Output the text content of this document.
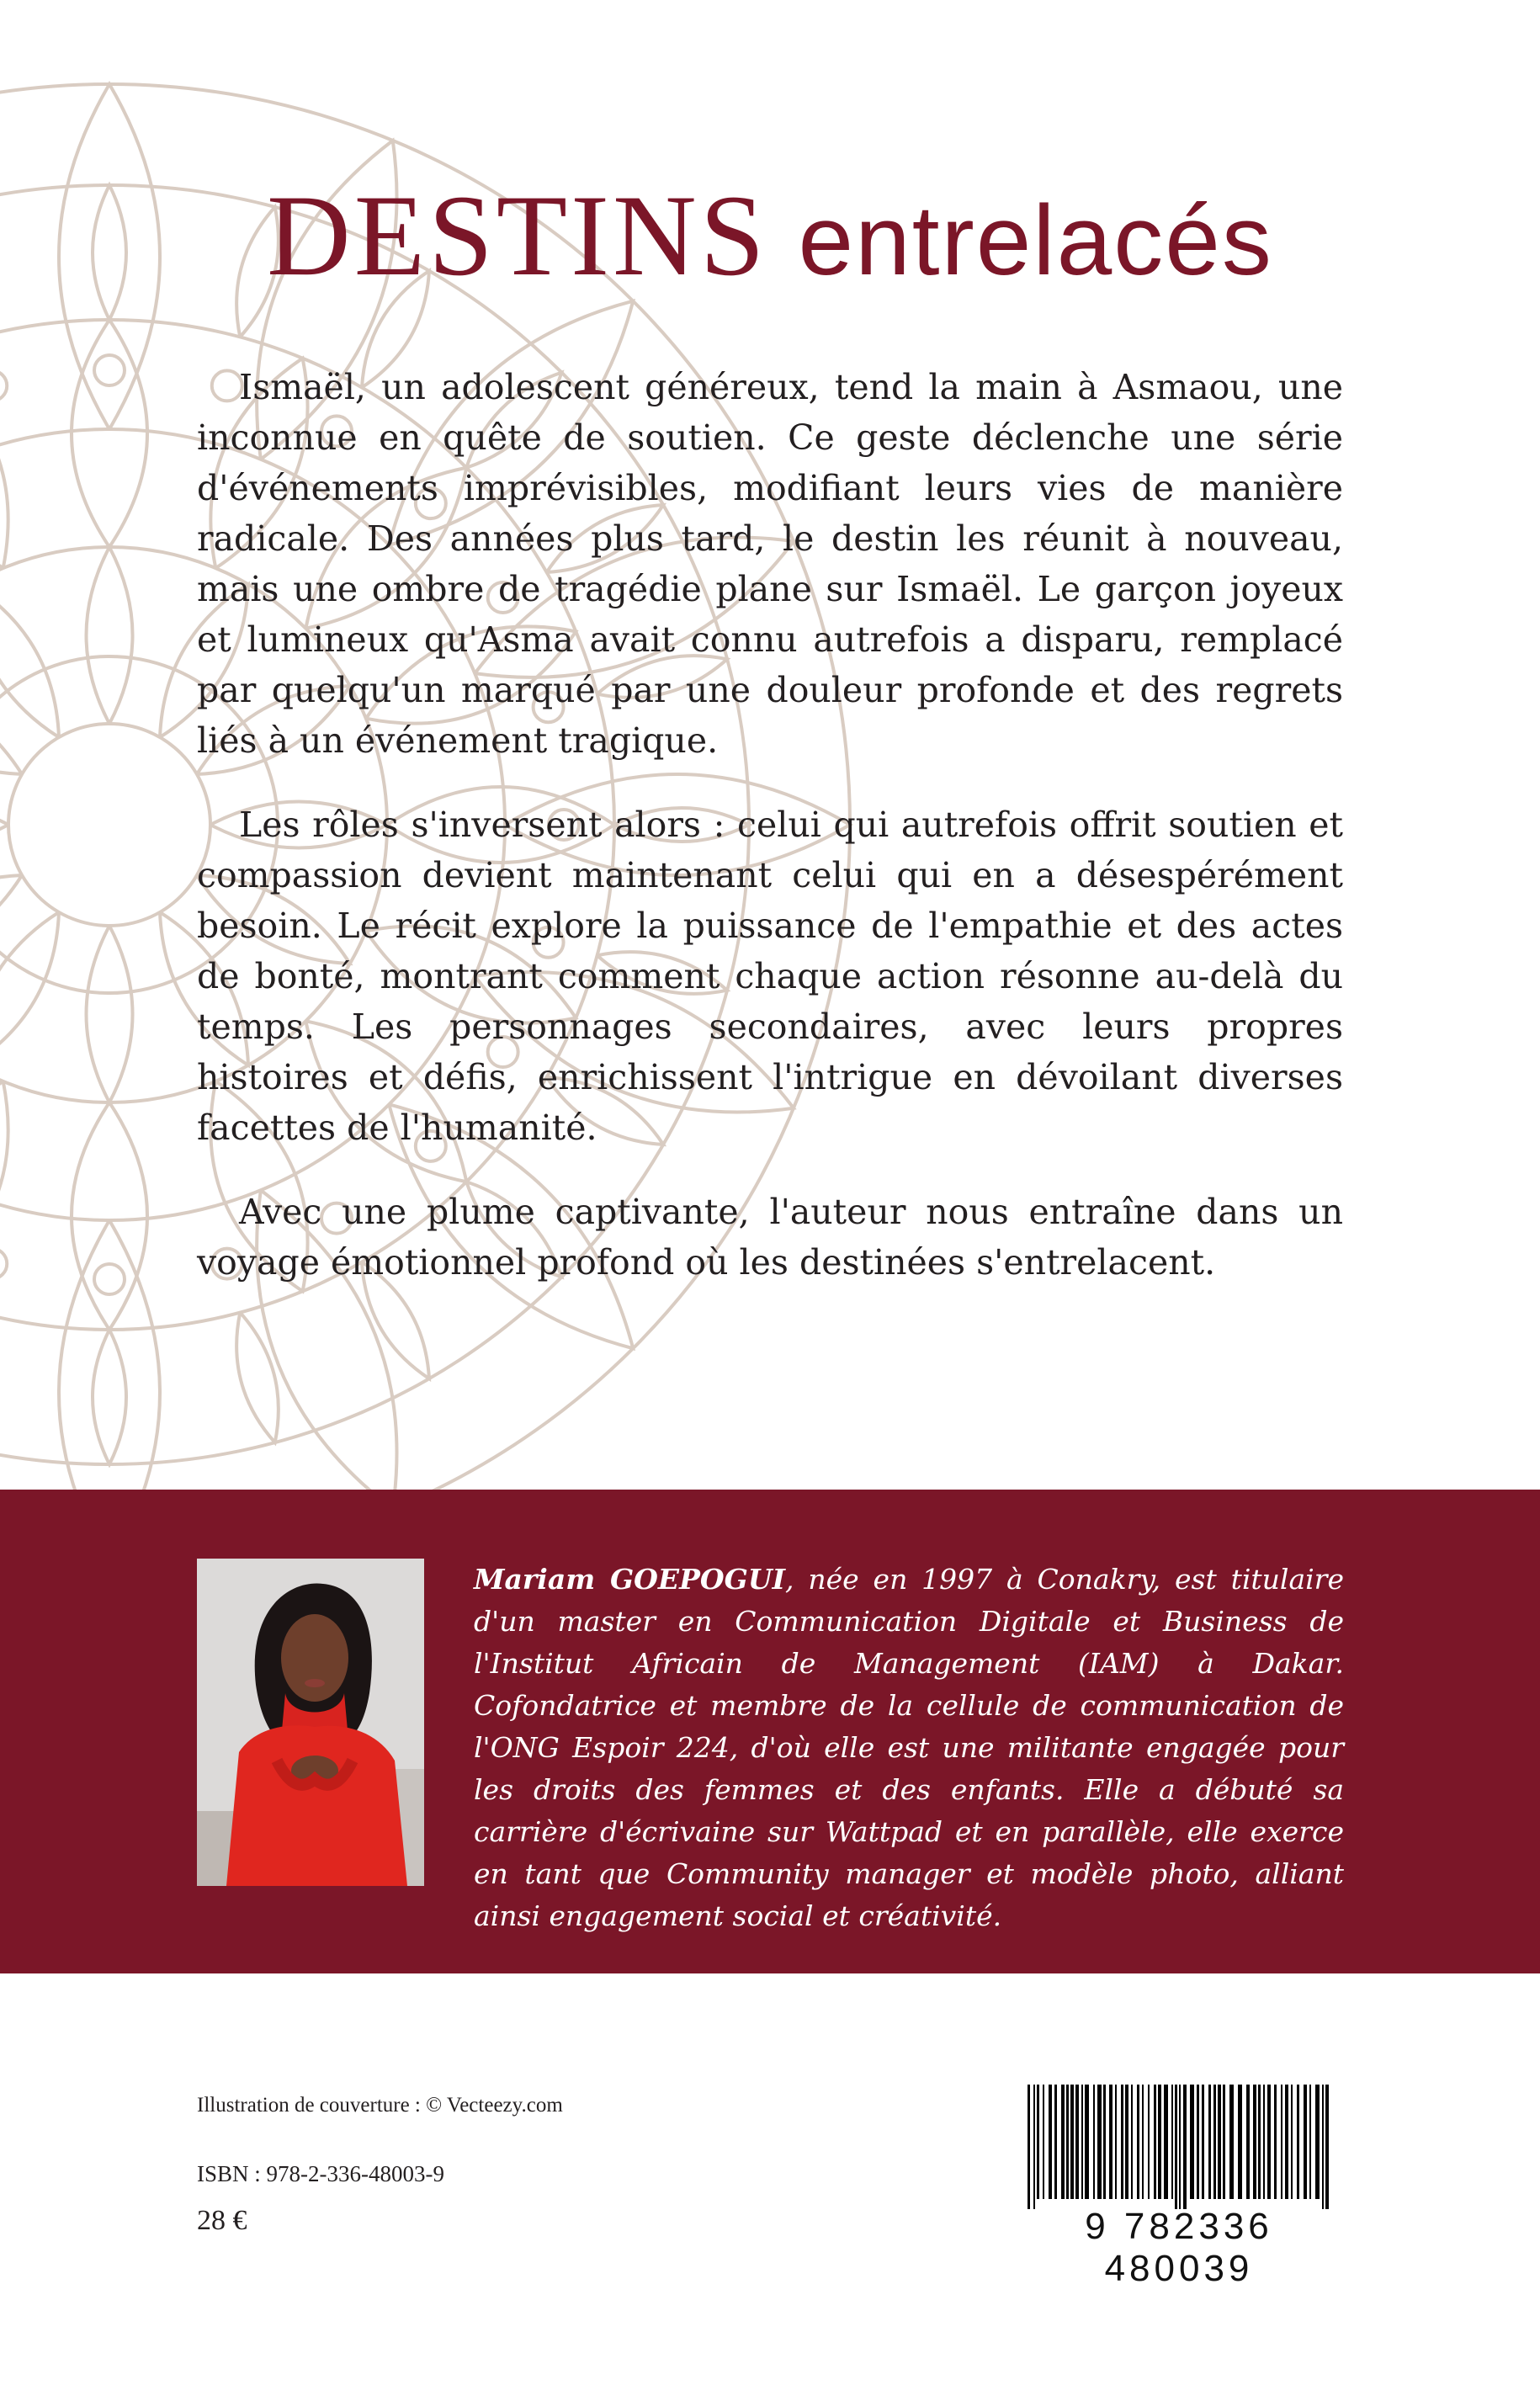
DESTINS entrelacés

Ismaël, un adolescent généreux, tend la main à Asmaou, une inconnue en quête de soutien. Ce geste déclenche une série d'événements imprévisibles, modifiant leurs vies de manière radicale. Des années plus tard, le destin les réunit à nouveau, mais une ombre de tragédie plane sur Ismaël. Le garçon joyeux et lumineux qu'Asma avait connu autrefois a disparu, remplacé par quelqu'un marqué par une douleur profonde et des regrets liés à un événement tragique.

Les rôles s'inversent alors : celui qui autrefois offrit soutien et compassion devient maintenant celui qui en a désespérément besoin. Le récit explore la puissance de l'empathie et des actes de bonté, montrant comment chaque action résonne au-delà du temps. Les personnages secondaires, avec leurs propres histoires et défis, enrichissent l'intrigue en dévoilant diverses facettes de l'humanité.

Avec une plume captivante, l'auteur nous entraîne dans un voyage émotionnel profond où les destinées s'entrelacent.

Mariam GOEPOGUI, née en 1997 à Conakry, est titulaire d'un master en Communication Digitale et Business de l'Institut Africain de Management (IAM) à Dakar. Cofondatrice et membre de la cellule de communication de l'ONG Espoir 224, d'où elle est une militante engagée pour les droits des femmes et des enfants. Elle a débuté sa carrière d'écrivaine sur Wattpad et en parallèle, elle exerce en tant que Community manager et modèle photo, alliant ainsi engagement social et créativité.
Illustration de couverture : © Vecteezy.com
ISBN : 978-2-336-48003-9
28 €	9 782336 480039
